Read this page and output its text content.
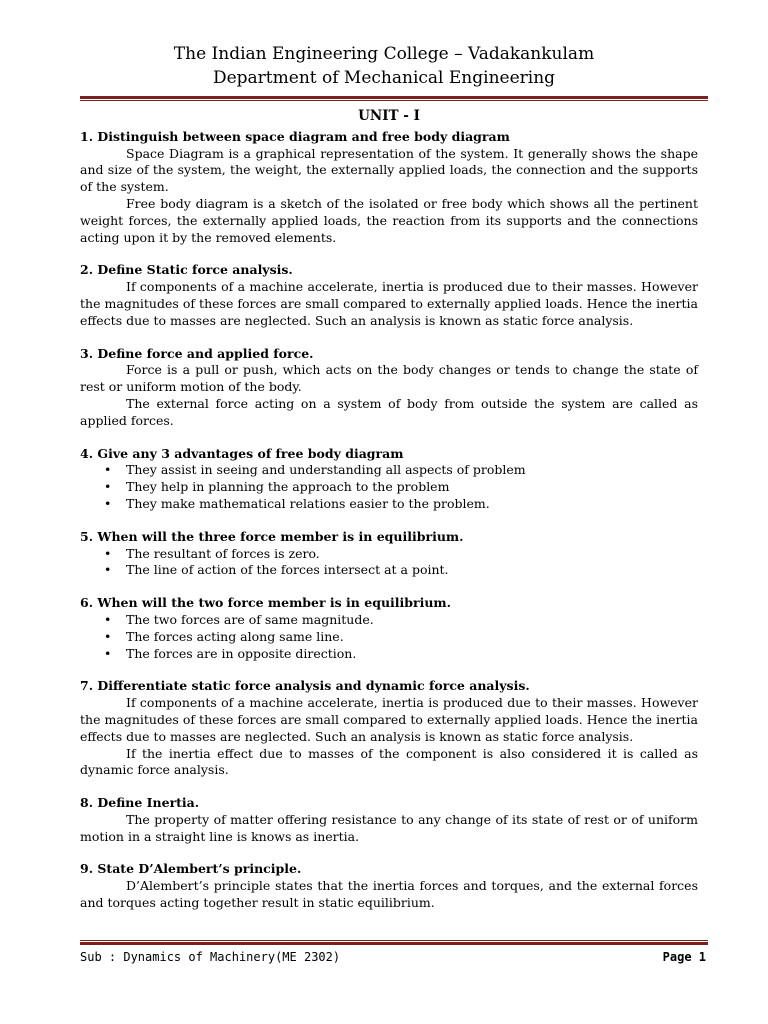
The Indian Engineering College – Vadakankulam
Department of Mechanical Engineering
UNIT - I
1. Distinguish between space diagram and free body diagram
Space Diagram is a graphical representation of the system. It generally shows the shape and size of the system, the weight, the externally applied loads, the connection and the supports of the system.
Free body diagram is a sketch of the isolated or free body which shows all the pertinent weight forces, the externally applied loads, the reaction from its supports and the connections acting upon it by the removed elements.
2. Define Static force analysis.
If components of a machine accelerate, inertia is produced due to their masses. However the magnitudes of these forces are small compared to externally applied loads. Hence the inertia effects due to masses are neglected. Such an analysis is known as static force analysis.
3. Define force and applied force.
Force is a pull or push, which acts on the body changes or tends to change the state of rest or uniform motion of the body.
The external force acting on a system of body from outside the system are called as applied forces.
4. Give any 3 advantages of free body diagram
• They assist in seeing and understanding all aspects of problem
• They help in planning the approach to the problem
• They make mathematical relations easier to the problem.
5. When will the three force member is in equilibrium.
• The resultant of forces is zero.
• The line of action of the forces intersect at a point.
6. When will the two force member is in equilibrium.
• The two forces are of same magnitude.
• The forces acting along same line.
• The forces are in opposite direction.
7. Differentiate static force analysis and dynamic force analysis.
If components of a machine accelerate, inertia is produced due to their masses. However the magnitudes of these forces are small compared to externally applied loads. Hence the inertia effects due to masses are neglected. Such an analysis is known as static force analysis.
If the inertia effect due to masses of the component is also considered it is called as dynamic force analysis.
8. Define Inertia.
The property of matter offering resistance to any change of its state of rest or of uniform motion in a straight line is knows as inertia.
9. State D’Alembert’s principle.
D’Alembert’s principle states that the inertia forces and torques, and the external forces and torques acting together result in static equilibrium.
Sub : Dynamics of Machinery(ME 2302)	Page 1
